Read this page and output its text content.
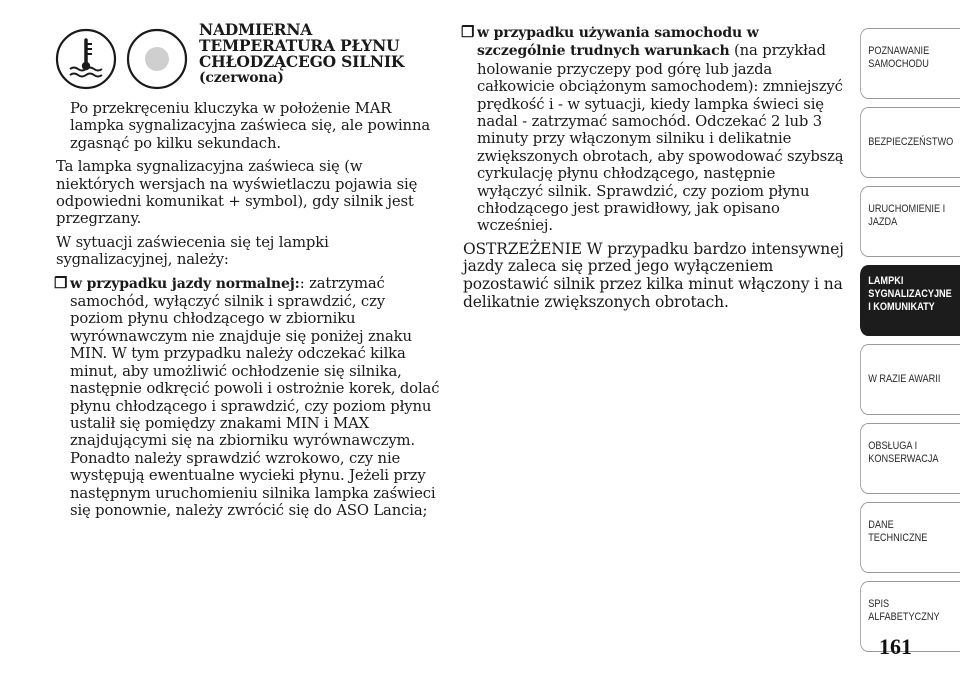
NADMIERNA
TEMPERATURA PŁYNU
CHŁODZĄCEGO SILNIK
(czerwona)

Po przekręceniu kluczyka w położenie MAR lampka sygnalizacyjna zaświeca się, ale powinna zgasnąć po kilku sekundach.

Ta lampka sygnalizacyjna zaświeca się (w niektórych wersjach na wyświetlaczu pojawia się odpowiedni komunikat + symbol), gdy silnik jest przegrzany.

W sytuacji zaświecenia się tej lampki sygnalizacyjnej, należy:

❒ w przypadku jazdy normalnej:: zatrzymać samochód, wyłączyć silnik i sprawdzić, czy poziom płynu chłodzącego w zbiorniku wyrównawczym nie znajduje się poniżej znaku MIN. W tym przypadku należy odczekać kilka minut, aby umożliwić ochłodzenie się silnika, następnie odkręcić powoli i ostrożnie korek, dolać płynu chłodzącego i sprawdzić, czy poziom płynu ustalił się pomiędzy znakami MIN i MAX znajdującymi się na zbiorniku wyrównawczym. Ponadto należy sprawdzić wzrokowo, czy nie występują ewentualne wycieki płynu. Jeżeli przy następnym uruchomieniu silnika lampka zaświeci się ponownie, należy zwrócić się do ASO Lancia;
❒ w przypadku używania samochodu w szczególnie trudnych warunkach (na przykład holowanie przyczepy pod górę lub jazda całkowicie obciążonym samochodem): zmniejszyć prędkość i - w sytuacji, kiedy lampka świeci się nadal - zatrzymać samochód. Odczekać 2 lub 3 minuty przy włączonym silniku i delikatnie zwiększonych obrotach, aby spowodować szybszą cyrkulację płynu chłodzącego, następnie wyłączyć silnik. Sprawdzić, czy poziom płynu chłodzącego jest prawidłowy, jak opisano wcześniej.

OSTRZEŻENIE W przypadku bardzo intensywnej jazdy zaleca się przed jego wyłączeniem pozostawić silnik przez kilka minut włączony i na delikatnie zwiększonych obrotach.

POZNAWANIE
SAMOCHODU
BEZPIECZEŃSTWO
URUCHOMIENIE I
JAZDA
LAMPKI
SYGNALIZACYJNE
I KOMUNIKATY
W RAZIE AWARII
OBSŁUGA I
KONSERWACJA
DANE
TECHNICZNE
SPIS
ALFABETYCZNY
161
